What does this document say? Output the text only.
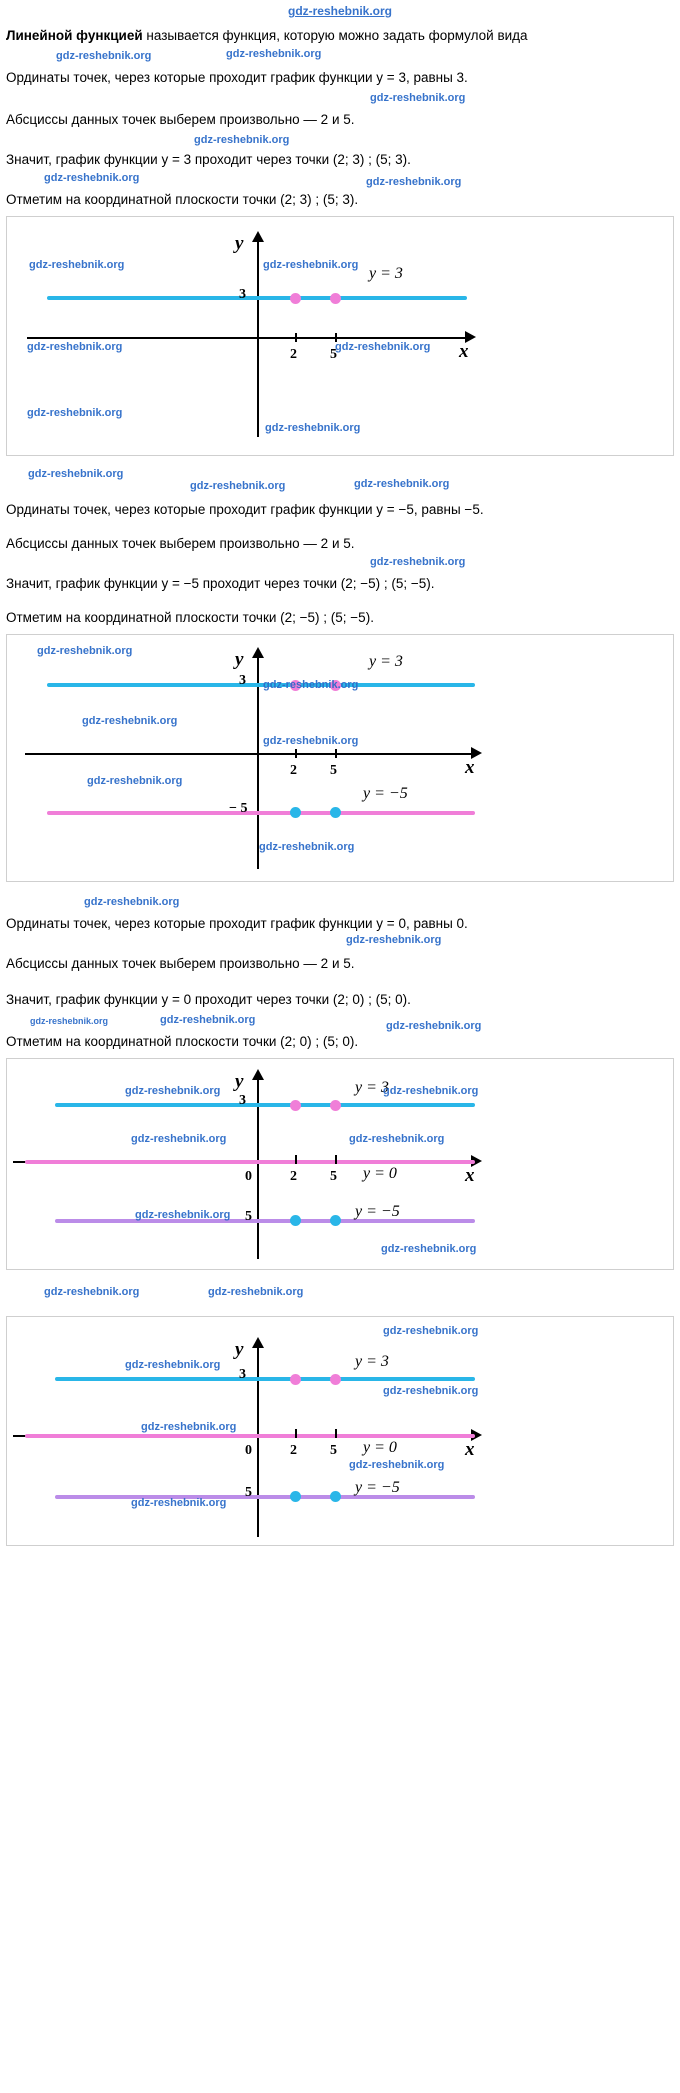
gdz-reshebnik.org

Линейной функцией называется функция, которую можно задать формулой вида

gdz-reshebnik.org	gdz-reshebnik.org

Ординаты точек, через которые проходит график функции y = 3, равны 3.

gdz-reshebnik.org

Абсциссы данных точек выберем произвольно — 2 и 5.

gdz-reshebnik.org

Значит, график функции y = 3 проходит через точки (2; 3) ; (5; 3).

gdz-reshebnik.org	gdz-reshebnik.org

Отметим на координатной плоскости точки (2; 3) ; (5; 3).

y
x
3
2 5
y = 3
gdz-reshebnik.org	gdz-reshebnik.org
gdz-reshebnik.org	gdz-reshebnik.org
gdz-reshebnik.org
gdz-reshebnik.org
gdz-reshebnik.org
gdz-reshebnik.org	gdz-reshebnik.org

Ординаты точек, через которые проходит график функции y = −5, равны −5.

Абсциссы данных точек выберем произвольно — 2 и 5.

gdz-reshebnik.org

Значит, график функции y = −5 проходит через точки (2; −5) ; (5; −5).

Отметим на координатной плоскости точки (2; −5) ; (5; −5).

y
x
3
y = 3
− 5
y = −5
2 5
gdz-reshebnik.org
gdz-reshebnik.org
gdz-reshebnik.org
gdz-reshebnik.org
gdz-reshebnik.org
gdz-reshebnik.org
gdz-reshebnik.org

Ординаты точек, через которые проходит график функции y = 0, равны 0.

gdz-reshebnik.org

Абсциссы данных точек выберем произвольно — 2 и 5.

Значит, график функции y = 0 проходит через точки (2; 0) ; (5; 0).

gdz-reshebnik.org	gdz-reshebnik.org	gdz-reshebnik.org

Отметим на координатной плоскости точки (2; 0) ; (5; 0).

y
x
3
y = 3
0	2 5 y = 0
5	y = −5
gdz-reshebnik.org	gdz-reshebnik.org
gdz-reshebnik.org	gdz-reshebnik.org
gdz-reshebnik.org
gdz-reshebnik.org
gdz-reshebnik.org	gdz-reshebnik.org
y
x
3
y = 3
0	2 5 y = 0
5	y = −5
gdz-reshebnik.org
gdz-reshebnik.org
gdz-reshebnik.org
gdz-reshebnik.org
gdz-reshebnik.org
gdz-reshebnik.org
